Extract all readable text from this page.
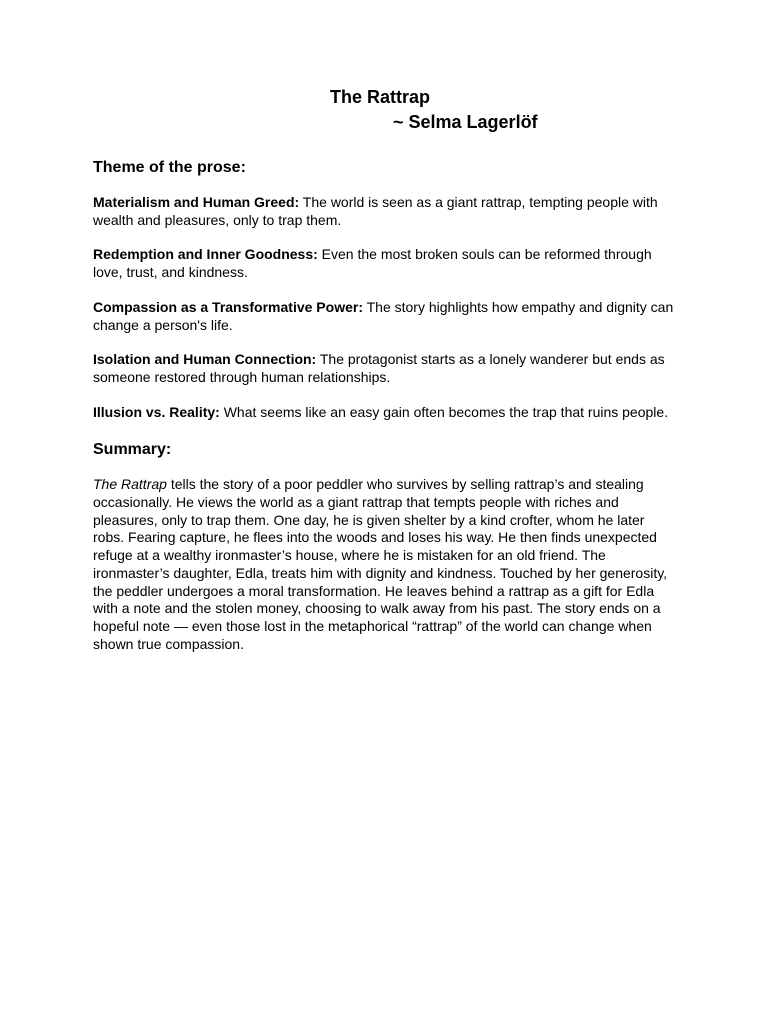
The Rattrap
~ Selma Lagerlöf
Theme of the prose:

Materialism and Human Greed: The world is seen as a giant rattrap, tempting people with wealth and pleasures, only to trap them.

Redemption and Inner Goodness: Even the most broken souls can be reformed through love, trust, and kindness.

Compassion as a Transformative Power: The story highlights how empathy and dignity can change a person's life.

Isolation and Human Connection: The protagonist starts as a lonely wanderer but ends as someone restored through human relationships.

Illusion vs. Reality: What seems like an easy gain often becomes the trap that ruins people.

Summary:

The Rattrap tells the story of a poor peddler who survives by selling rattrap’s and stealing occasionally. He views the world as a giant rattrap that tempts people with riches and pleasures, only to trap them. One day, he is given shelter by a kind crofter, whom he later robs. Fearing capture, he flees into the woods and loses his way. He then finds unexpected refuge at a wealthy ironmaster’s house, where he is mistaken for an old friend. The ironmaster’s daughter, Edla, treats him with dignity and kindness. Touched by her generosity, the peddler undergoes a moral transformation. He leaves behind a rattrap as a gift for Edla with a note and the stolen money, choosing to walk away from his past. The story ends on a hopeful note — even those lost in the metaphorical “rattrap” of the world can change when shown true compassion.
